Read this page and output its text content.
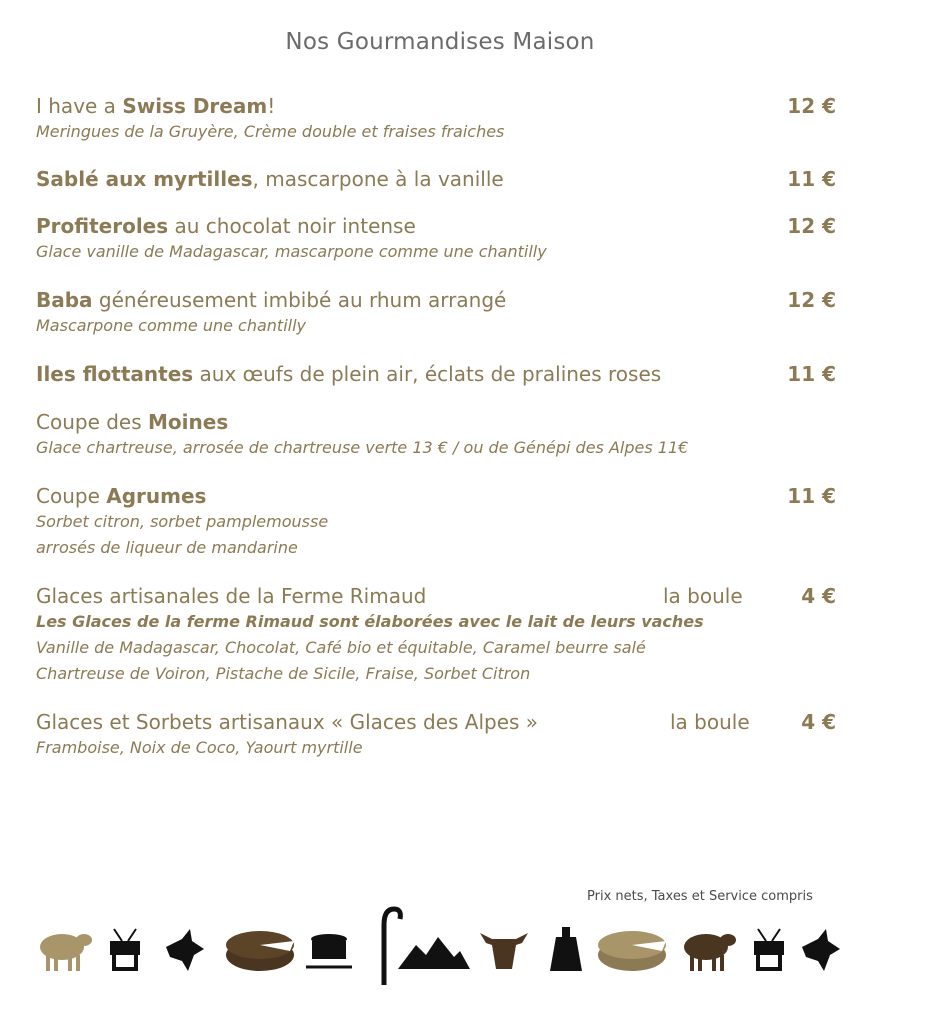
Nos Gourmandises Maison
I have a Swiss Dream!	12 €
Meringues de la Gruyère, Crème double et fraises fraiches
Sablé aux myrtilles, mascarpone à la vanille	11 €
Profiteroles au chocolat noir intense	12 €
Glace vanille de Madagascar, mascarpone comme une chantilly
Baba généreusement imbibé au rhum arrangé	12 €
Mascarpone comme une chantilly
Iles flottantes aux œufs de plein air, éclats de pralines roses	11 €
Coupe des Moines
Glace chartreuse, arrosée de chartreuse verte 13 € / ou de Génépi des Alpes 11€
Coupe Agrumes	11 €
Sorbet citron, sorbet pamplemousse
arrosés de liqueur de mandarine
Glaces artisanales de la Ferme Rimaud	la boule	4 €
Les Glaces de la ferme Rimaud sont élaborées avec le lait de leurs vaches
Vanille de Madagascar, Chocolat, Café bio et équitable, Caramel beurre salé
Chartreuse de Voiron, Pistache de Sicile, Fraise, Sorbet Citron
Glaces et Sorbets artisanaux « Glaces des Alpes »	la boule	4 €
Framboise, Noix de Coco, Yaourt myrtille
Prix nets, Taxes et Service compris
